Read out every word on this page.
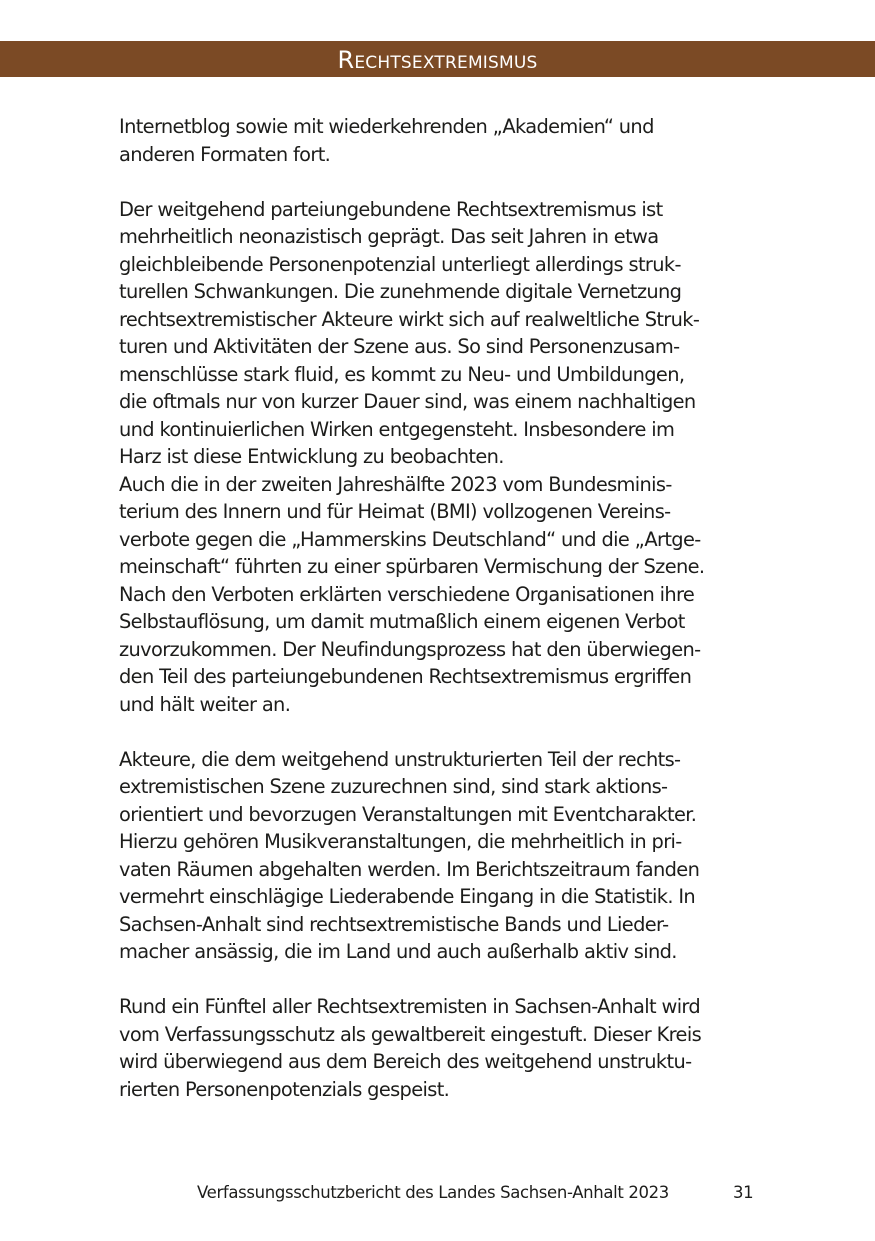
Rechtsextremismus
Internetblog sowie mit wiederkehrenden „Akademien“ und
anderen Formaten fort.
Der weitgehend parteiungebundene Rechtsextremismus ist
mehrheitlich neonazistisch geprägt. Das seit Jahren in etwa
gleichbleibende Personenpotenzial unterliegt allerdings struk-
turellen Schwankungen. Die zunehmende digitale Vernetzung
rechtsextremistischer Akteure wirkt sich auf realweltliche Struk-
turen und Aktivitäten der Szene aus. So sind Personenzusam-
menschlüsse stark fluid, es kommt zu Neu- und Umbildungen,
die oftmals nur von kurzer Dauer sind, was einem nachhaltigen
und kontinuierlichen Wirken entgegensteht. Insbesondere im
Harz ist diese Entwicklung zu beobachten.
Auch die in der zweiten Jahreshälfte 2023 vom Bundesminis-
terium des Innern und für Heimat (BMI) vollzogenen Vereins-
verbote gegen die „Hammerskins Deutschland“ und die „Artge-
meinschaft“ führten zu einer spürbaren Vermischung der Szene.
Nach den Verboten erklärten verschiedene Organisationen ihre
Selbstauflösung, um damit mutmaßlich einem eigenen Verbot
zuvorzukommen. Der Neufindungsprozess hat den überwiegen-
den Teil des parteiungebundenen Rechtsextremismus ergriffen
und hält weiter an.
Akteure, die dem weitgehend unstrukturierten Teil der rechts-
extremistischen Szene zuzurechnen sind, sind stark aktions-
orientiert und bevorzugen Veranstaltungen mit Eventcharakter.
Hierzu gehören Musikveranstaltungen, die mehrheitlich in pri-
vaten Räumen abgehalten werden. Im Berichtszeitraum fanden
vermehrt einschlägige Liederabende Eingang in die Statistik. In
Sachsen-Anhalt sind rechtsextremistische Bands und Lieder-
macher ansässig, die im Land und auch außerhalb aktiv sind.
Rund ein Fünftel aller Rechtsextremisten in Sachsen-Anhalt wird
vom Verfassungsschutz als gewaltbereit eingestuft. Dieser Kreis
wird überwiegend aus dem Bereich des weitgehend unstruktu-
rierten Personenpotenzials gespeist.
Verfassungsschutzbericht des Landes Sachsen-Anhalt 2023	31
